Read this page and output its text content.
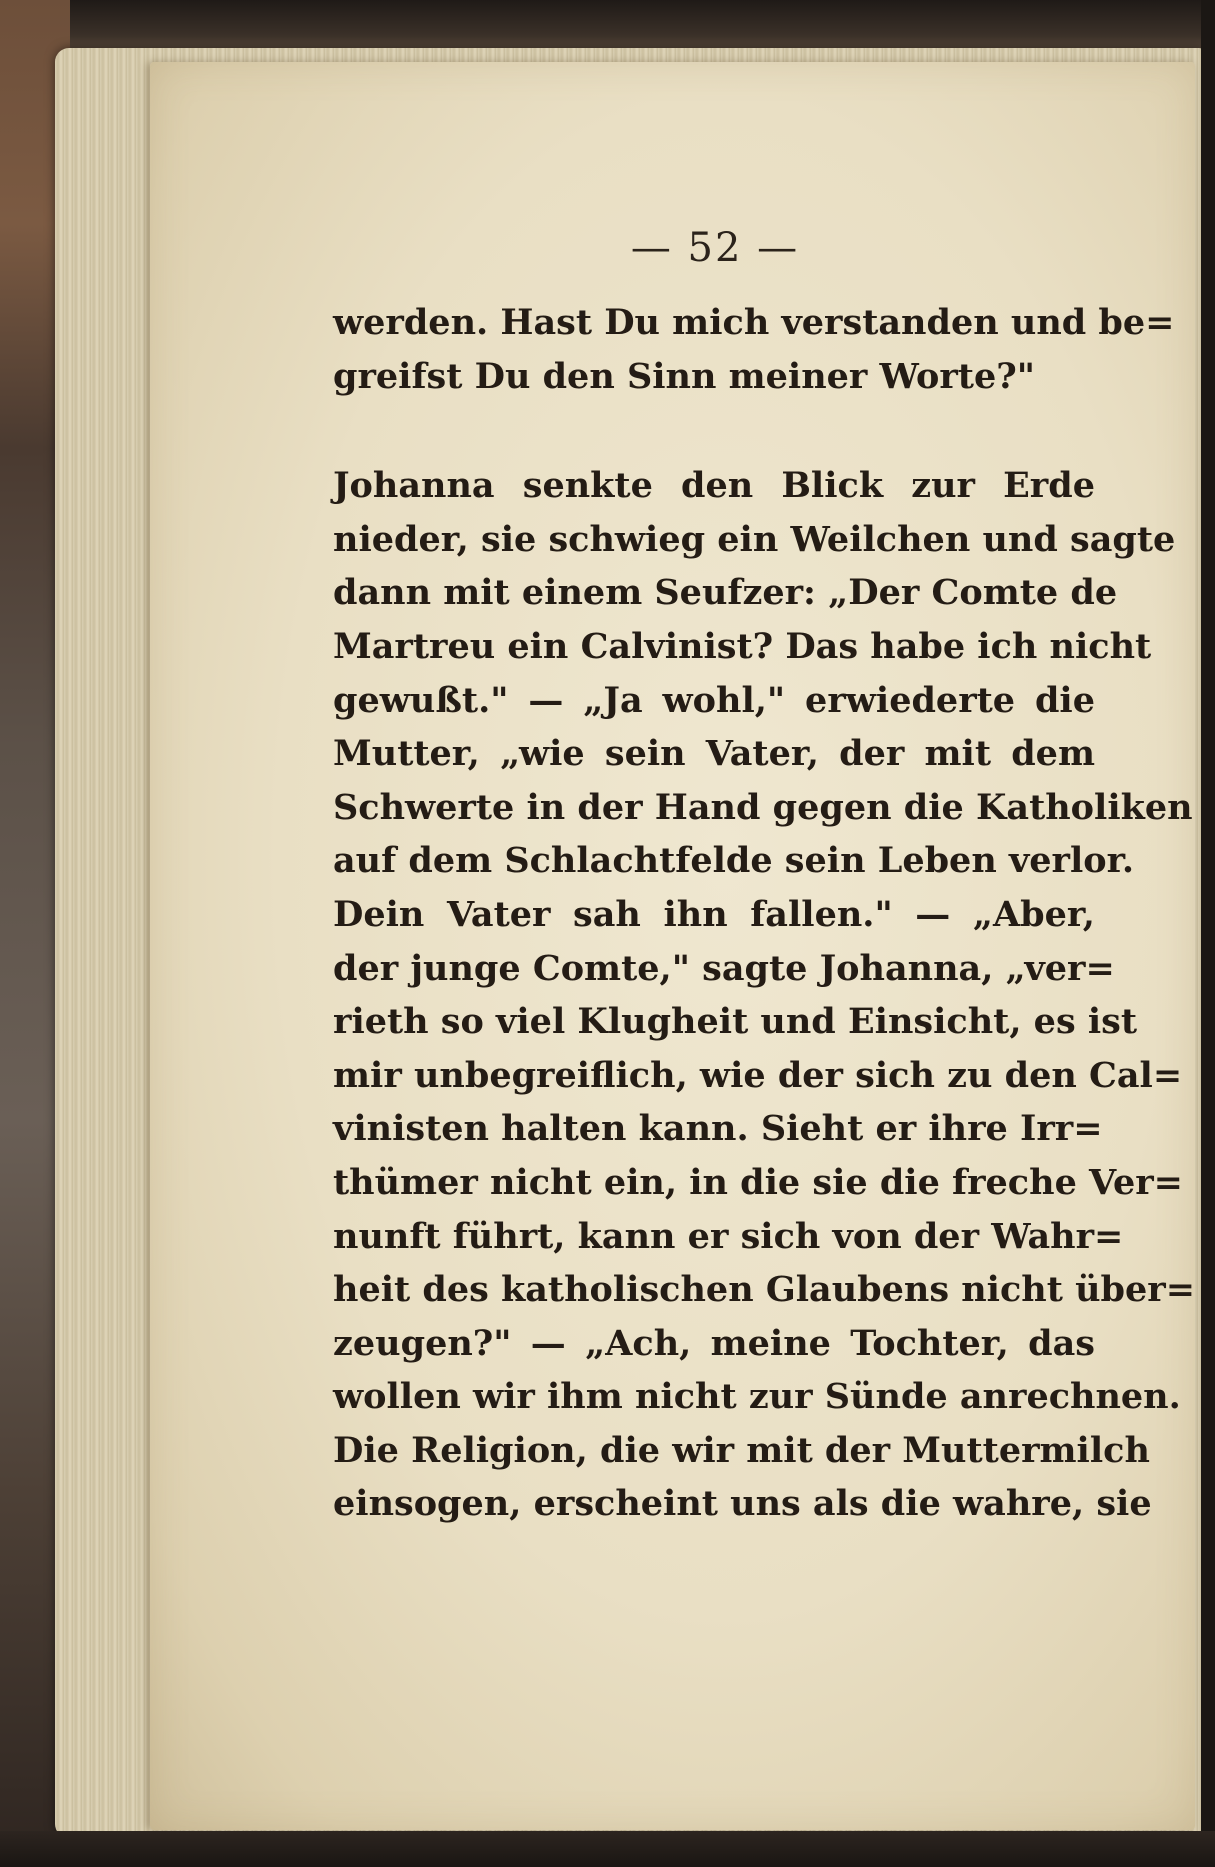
— 52 —
werden. Hast Du mich verstanden und be=
greifst Du den Sinn meiner Worte?"
Johanna senkte den Blick zur Erde
nieder, sie schwieg ein Weilchen und sagte
dann mit einem Seufzer: „Der Comte de
Martreu ein Calvinist? Das habe ich nicht
gewußt." — „Ja wohl," erwiederte die
Mutter, „wie sein Vater, der mit dem
Schwerte in der Hand gegen die Katholiken
auf dem Schlachtfelde sein Leben verlor.
Dein Vater sah ihn fallen." — „Aber,
der junge Comte," sagte Johanna, „ver=
rieth so viel Klugheit und Einsicht, es ist
mir unbegreiflich, wie der sich zu den Cal=
vinisten halten kann. Sieht er ihre Irr=
thümer nicht ein, in die sie die freche Ver=
nunft führt, kann er sich von der Wahr=
heit des katholischen Glaubens nicht über=
zeugen?" — „Ach, meine Tochter, das
wollen wir ihm nicht zur Sünde anrechnen.
Die Religion, die wir mit der Muttermilch
einsogen, erscheint uns als die wahre, sie
